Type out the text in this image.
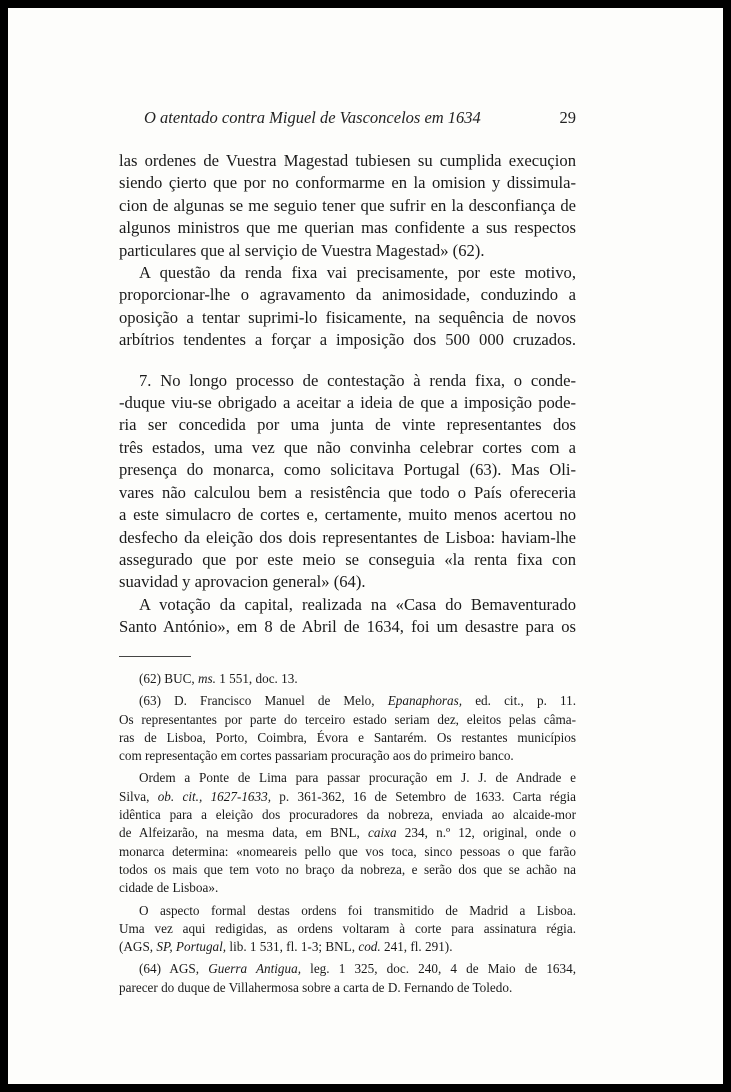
O atentado contra Miguel de Vasconcelos em 1634	29

las ordenes de Vuestra Magestad tubiesen su cumplida execuçion
siendo çierto que por no conformarme en la omision y dissimula-
cion de algunas se me seguio tener que sufrir en la desconfiança de
algunos ministros que me querian mas confidente a sus respectos
particulares que al serviçio de Vuestra Magestad» (62).

A questão da renda fixa vai precisamente, por este motivo,
proporcionar-lhe o agravamento da animosidade, conduzindo a
oposição a tentar suprimi-lo fisicamente, na sequência de novos
arbítrios tendentes a forçar a imposição dos 500 000 cruzados.

7. No longo processo de contestação à renda fixa, o conde-
-duque viu-se obrigado a aceitar a ideia de que a imposição pode-
ria ser concedida por uma junta de vinte representantes dos
três estados, uma vez que não convinha celebrar cortes com a
presença do monarca, como solicitava Portugal (63). Mas Oli-
vares não calculou bem a resistência que todo o País ofereceria
a este simulacro de cortes e, certamente, muito menos acertou no
desfecho da eleição dos dois representantes de Lisboa: haviam-lhe
assegurado que por este meio se conseguia «la renta fixa con
suavidad y aprovacion general» (64).

A votação da capital, realizada na «Casa do Bemaventurado
Santo António», em 8 de Abril de 1634, foi um desastre para os

(62) BUC, ms. 1 551, doc. 13.

(63) D. Francisco Manuel de Melo, Epanaphoras, ed. cit., p. 11.
Os representantes por parte do terceiro estado seriam dez, eleitos pelas câma-
ras de Lisboa, Porto, Coimbra, Évora e Santarém. Os restantes municípios
com representação em cortes passariam procuração aos do primeiro banco.

Ordem a Ponte de Lima para passar procuração em J. J. de Andrade e
Silva, ob. cit., 1627-1633, p. 361-362, 16 de Setembro de 1633. Carta régia
idêntica para a eleição dos procuradores da nobreza, enviada ao alcaide-mor
de Alfeizarão, na mesma data, em BNL, caixa 234, n.º 12, original, onde o
monarca determina: «nomeareis pello que vos toca, sinco pessoas o que farão
todos os mais que tem voto no braço da nobreza, e serão dos que se achão na
cidade de Lisboa».

O aspecto formal destas ordens foi transmitido de Madrid a Lisboa.
Uma vez aqui redigidas, as ordens voltaram à corte para assinatura régia.
(AGS, SP, Portugal, lib. 1 531, fl. 1-3; BNL, cod. 241, fl. 291).

(64) AGS, Guerra Antigua, leg. 1 325, doc. 240, 4 de Maio de 1634,
parecer do duque de Villahermosa sobre a carta de D. Fernando de Toledo.
